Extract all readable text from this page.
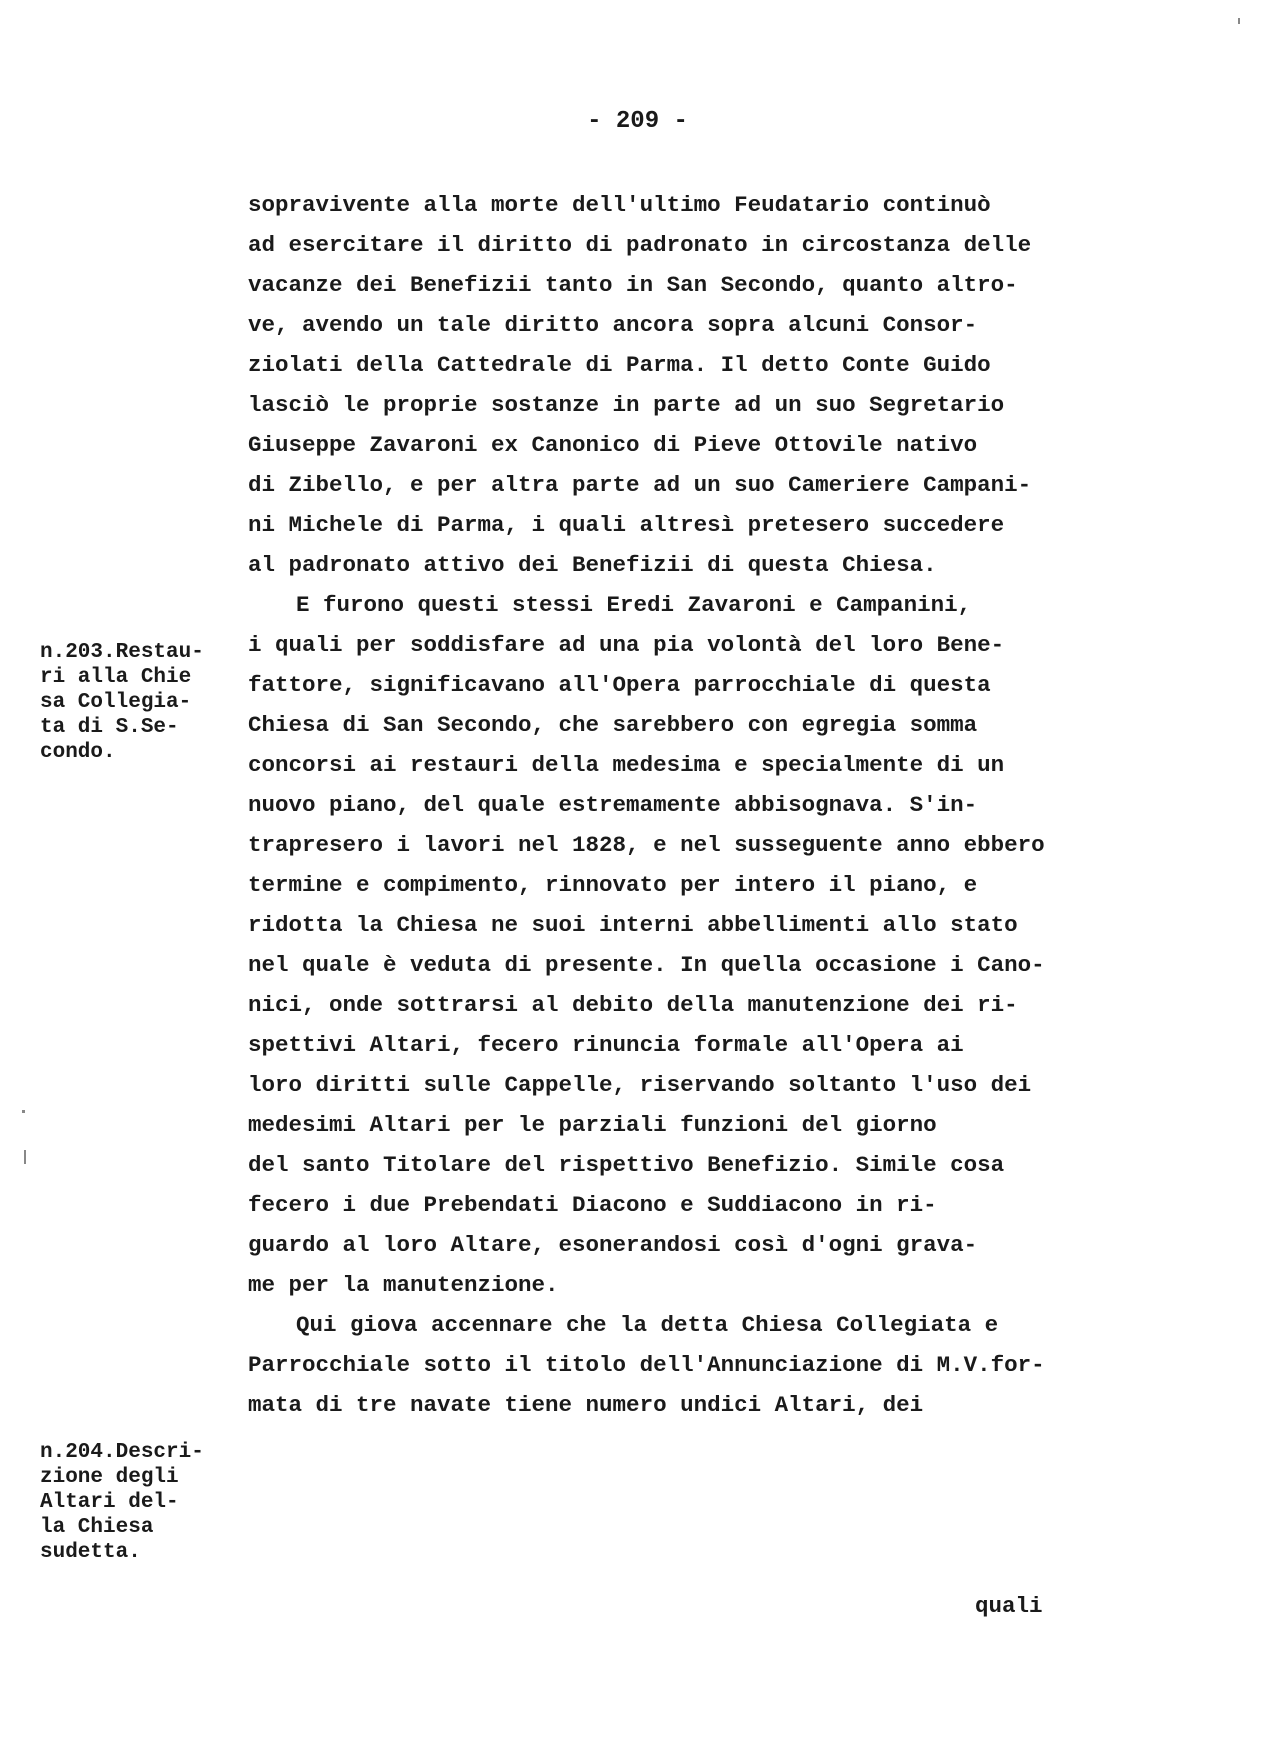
- 209 -
sopravivente alla morte dell'ultimo Feudatario continuò
ad esercitare il diritto di padronato in circostanza delle
vacanze dei Benefizii tanto in San Secondo, quanto altro-
ve, avendo un tale diritto ancora sopra alcuni Consor-
ziolati della Cattedrale di Parma. Il detto Conte Guido
lasciò le proprie sostanze in parte ad un suo Segretario
Giuseppe Zavaroni ex Canonico di Pieve Ottovile nativo
di Zibello, e per altra parte ad un suo Cameriere Campani-
ni Michele di Parma, i quali altresì pretesero succedere
al padronato attivo dei Benefizii di questa Chiesa.
E furono questi stessi Eredi Zavaroni e Campanini,
i quali per soddisfare ad una pia volontà del loro Bene-
fattore, significavano all'Opera parrocchiale di questa
Chiesa di San Secondo, che sarebbero con egregia somma
concorsi ai restauri della medesima e specialmente di un
nuovo piano, del quale estremamente abbisognava. S'in-
trapresero i lavori nel 1828, e nel susseguente anno ebbero
termine e compimento, rinnovato per intero il piano, e
ridotta la Chiesa ne suoi interni abbellimenti allo stato
nel quale è veduta di presente. In quella occasione i Cano-
nici, onde sottrarsi al debito della manutenzione dei ri-
spettivi Altari, fecero rinuncia formale all'Opera ai
loro diritti sulle Cappelle, riservando soltanto l'uso dei
medesimi Altari per le parziali funzioni del giorno
del santo Titolare del rispettivo Benefizio. Simile cosa
fecero i due Prebendati Diacono e Suddiacono in ri-
guardo al loro Altare, esonerandosi così d'ogni grava-
me per la manutenzione.
Qui giova accennare che la detta Chiesa Collegiata e
Parrocchiale sotto il titolo dell'Annunciazione di M.V.for-
mata di tre navate tiene numero undici Altari, dei
quali
n.203.Restau-
ri alla Chie
sa Collegia-
ta di S.Se-
condo.
n.204.Descri-
zione degli
Altari del-
la Chiesa
sudetta.
